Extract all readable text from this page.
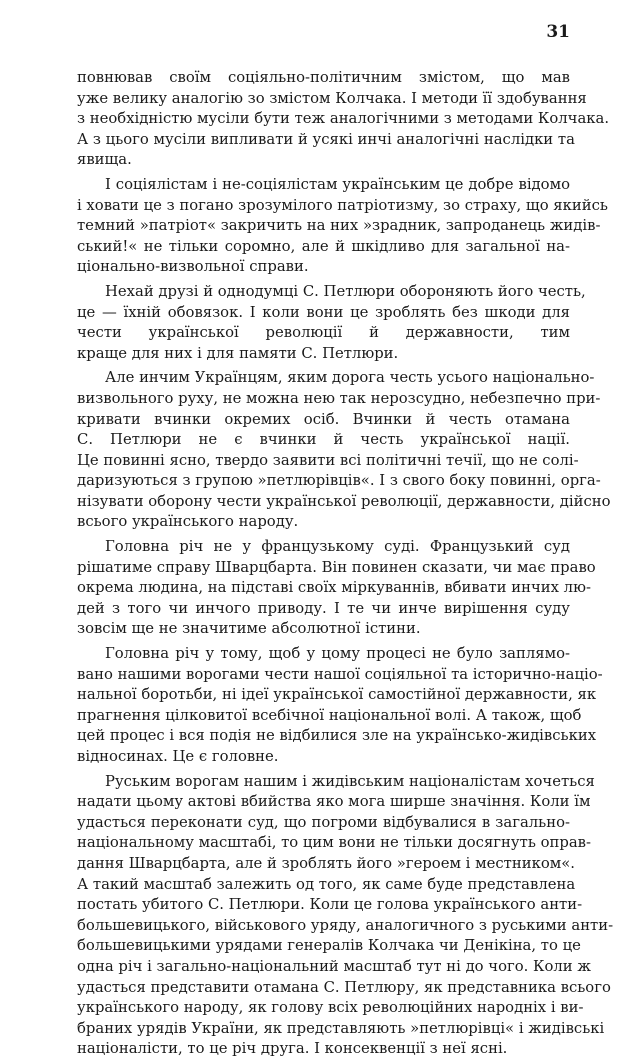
31
повнював своїм соціяльно-політичним змістом, що мав
уже велику аналогію зо змістом Колчака. І методи її здобування
з необхідністю мусіли бути теж аналогічними з методами Колчака.
А з цього мусіли випливати й усякі инчі аналогічні наслідки та
явища.
І соціялістам і не-соціялістам українським це добре відомо
і ховати це з погано зрозумілого патріотизму, зо страху, що якийсь
темний »патріот« закричить на них »зрадник, запроданець жидів-
ський!« не тільки соромно, але й шкідливо для загальної на-
ціонально-визвольної справи.
Нехай друзі й однодумці С. Петлюри обороняють його честь,
це — їхній обовязок. І коли вони це зроблять без шкоди для
чести української революції й державности, тим
краще для них і для памяти С. Петлюри.
Але инчим Українцям, яким дорога честь усього національно-
визвольного руху, не можна нею так нерозсудно, небезпечно при-
кривати вчинки окремих осіб. Вчинки й честь отамана
С. Петлюри не є вчинки й честь української нації.
Це повинні ясно, твердо заявити всі політичні течії, що не солі-
даризуються з групою »петлюрівців«. І з свого боку повинні, орга-
нізувати оборону чести української революції, державности, дійсно
всього українського народу.
Головна річ не у французькому суді. Французький суд
рішатиме справу Шварцбарта. Він повинен сказати, чи має право
окрема людина, на підставі своїх міркуваннів, вбивати инчих лю-
дей з того чи инчого приводу. І те чи инче вирішення суду
зовсім ще не значитиме абсолютної істини.
Головна річ у тому, щоб у цому процесі не було заплямо-
вано нашими ворогами чести нашої соціяльної та історично-націо-
нальної боротьби, ні ідеї української самостійної державности, як
прагнення цілковитої всебічної національної волі. А також, щоб
цей процес і вся подія не відбилися зле на українсько-жидівських
відносинах. Це є головне.
Руським ворогам нашим і жидівським націоналістам хочеться
надати цьому актові вбийства яко мога ширше значіння. Коли їм
удасться переконати суд, що погроми відбувалися в загально-
національному масштабі, то цим вони не тільки досягнуть оправ-
дання Шварцбарта, але й зроблять його »героем і местником«.
А такий масштаб залежить од того, як саме буде представлена
постать убитого С. Петлюри. Коли це голова українського анти-
большевицького, військового уряду, аналогичного з руськими анти-
большевицькими урядами генералів Колчака чи Денікіна, то це
одна річ і загально-національний масштаб тут ні до чого. Коли ж
удасться представити отамана С. Петлюру, як представника всього
українського народу, як голову всіх революційних народніх і ви-
браних урядів України, як представляють »петлюрівці« і жидівські
націоналісти, то це річ друга. І консеквенції з неї ясні.
